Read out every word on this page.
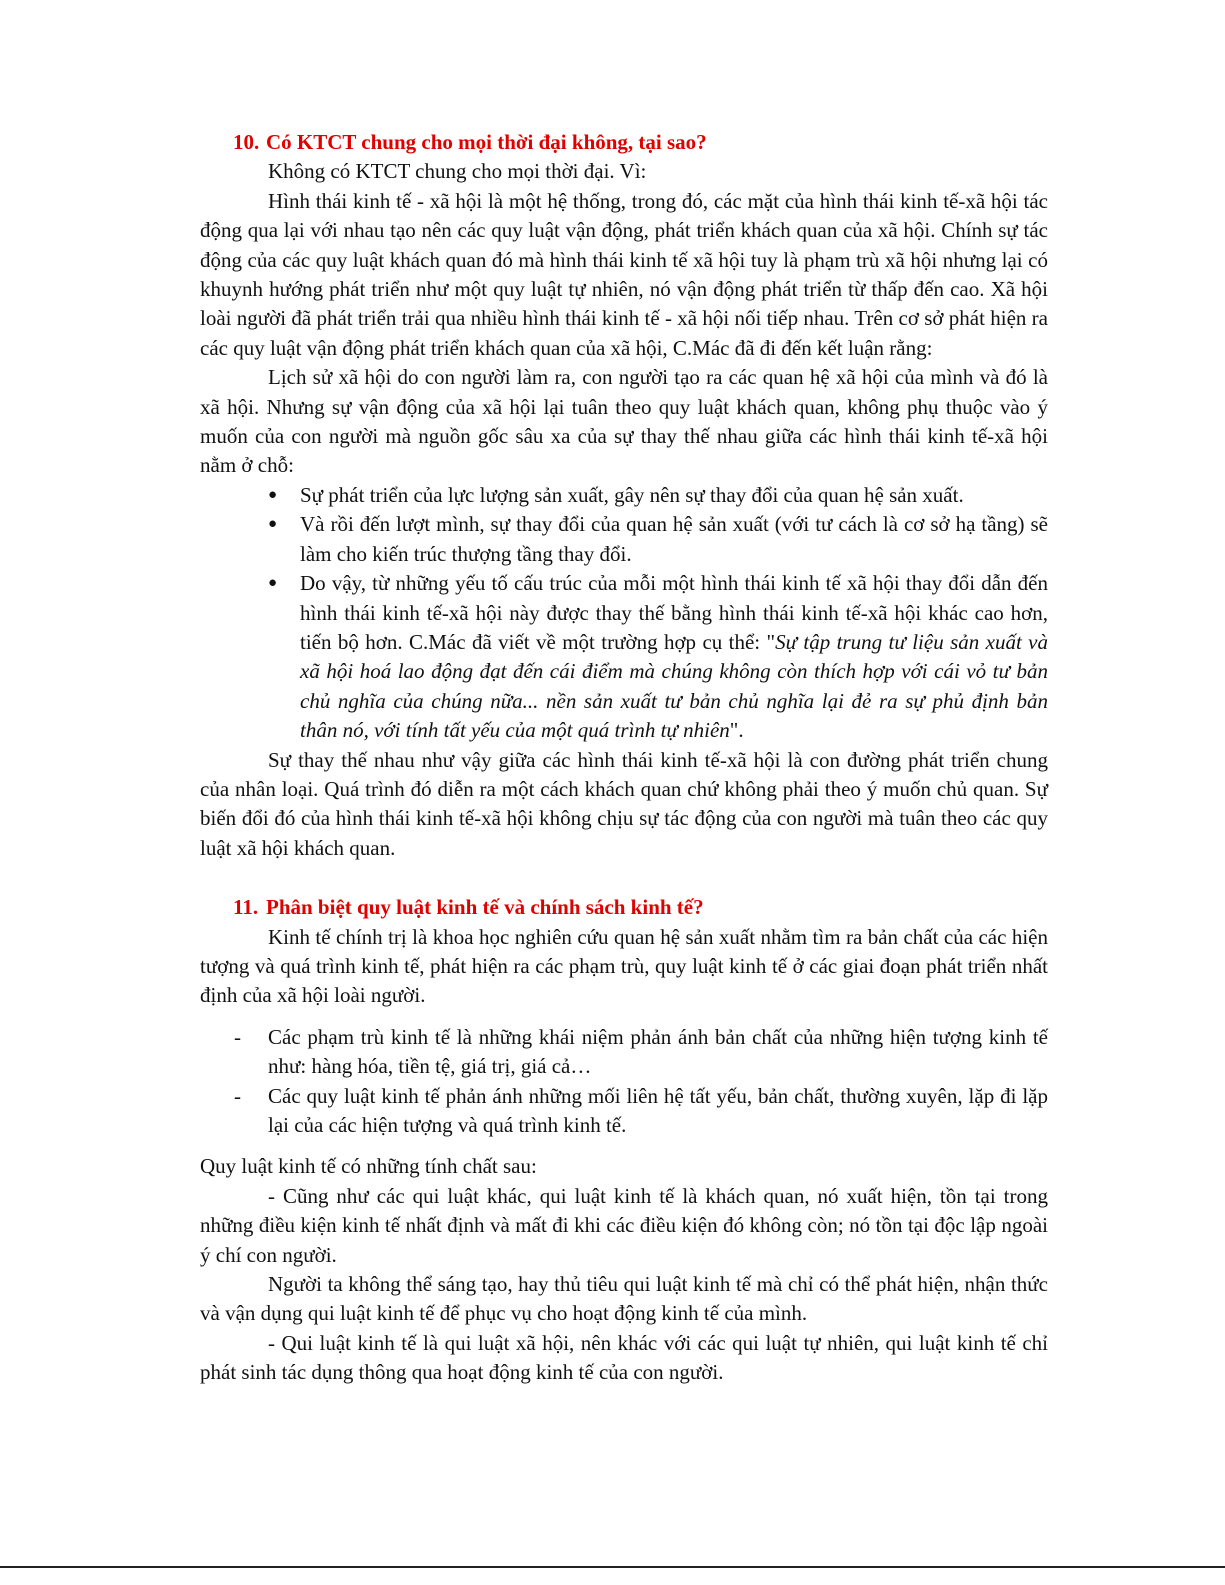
10. Có KTCT chung cho mọi thời đại không, tại sao?

Không có KTCT chung cho mọi thời đại. Vì:

Hình thái kinh tế - xã hội là một hệ thống, trong đó, các mặt của hình thái kinh tế-xã hội tác động qua lại với nhau tạo nên các quy luật vận động, phát triển khách quan của xã hội. Chính sự tác động của các quy luật khách quan đó mà hình thái kinh tế xã hội tuy là phạm trù xã hội nhưng lại có khuynh hướng phát triển như một quy luật tự nhiên, nó vận động phát triển từ thấp đến cao. Xã hội loài người đã phát triển trải qua nhiều hình thái kinh tế - xã hội nối tiếp nhau. Trên cơ sở phát hiện ra các quy luật vận động phát triển khách quan của xã hội, C.Mác đã đi đến kết luận rằng:

Lịch sử xã hội do con người làm ra, con người tạo ra các quan hệ xã hội của mình và đó là xã hội. Nhưng sự vận động của xã hội lại tuân theo quy luật khách quan, không phụ thuộc vào ý muốn của con người mà nguồn gốc sâu xa của sự thay thế nhau giữa các hình thái kinh tế-xã hội nằm ở chỗ:

● Sự phát triển của lực lượng sản xuất, gây nên sự thay đổi của quan hệ sản xuất.
● Và rồi đến lượt mình, sự thay đổi của quan hệ sản xuất (với tư cách là cơ sở hạ tầng) sẽ làm cho kiến trúc thượng tầng thay đổi.
● Do vậy, từ những yếu tố cấu trúc của mỗi một hình thái kinh tế xã hội thay đổi dẫn đến hình thái kinh tế-xã hội này được thay thế bằng hình thái kinh tế-xã hội khác cao hơn, tiến bộ hơn. C.Mác đã viết về một trường hợp cụ thể: "Sự tập trung tư liệu sản xuất và xã hội hoá lao động đạt đến cái điểm mà chúng không còn thích hợp với cái vỏ tư bản chủ nghĩa của chúng nữa... nền sản xuất tư bản chủ nghĩa lại đẻ ra sự phủ định bản thân nó, với tính tất yếu của một quá trình tự nhiên".

Sự thay thế nhau như vậy giữa các hình thái kinh tế-xã hội là con đường phát triển chung của nhân loại. Quá trình đó diễn ra một cách khách quan chứ không phải theo ý muốn chủ quan. Sự biến đổi đó của hình thái kinh tế-xã hội không chịu sự tác động của con người mà tuân theo các quy luật xã hội khách quan.

11. Phân biệt quy luật kinh tế và chính sách kinh tế?

Kinh tế chính trị là khoa học nghiên cứu quan hệ sản xuất nhằm tìm ra bản chất của các hiện tượng và quá trình kinh tế, phát hiện ra các phạm trù, quy luật kinh tế ở các giai đoạn phát triển nhất định của xã hội loài người.

- Các phạm trù kinh tế là những khái niệm phản ánh bản chất của những hiện tượng kinh tế như: hàng hóa, tiền tệ, giá trị, giá cả…
- Các quy luật kinh tế phản ánh những mối liên hệ tất yếu, bản chất, thường xuyên, lặp đi lặp lại của các hiện tượng và quá trình kinh tế.

Quy luật kinh tế có những tính chất sau:

- Cũng như các qui luật khác, qui luật kinh tế là khách quan, nó xuất hiện, tồn tại trong những điều kiện kinh tế nhất định và mất đi khi các điều kiện đó không còn; nó tồn tại độc lập ngoài ý chí con người.

Người ta không thể sáng tạo, hay thủ tiêu qui luật kinh tế mà chỉ có thể phát hiện, nhận thức và vận dụng qui luật kinh tế để phục vụ cho hoạt động kinh tế của mình.

- Qui luật kinh tế là qui luật xã hội, nên khác với các qui luật tự nhiên, qui luật kinh tế chỉ phát sinh tác dụng thông qua hoạt động kinh tế của con người.
